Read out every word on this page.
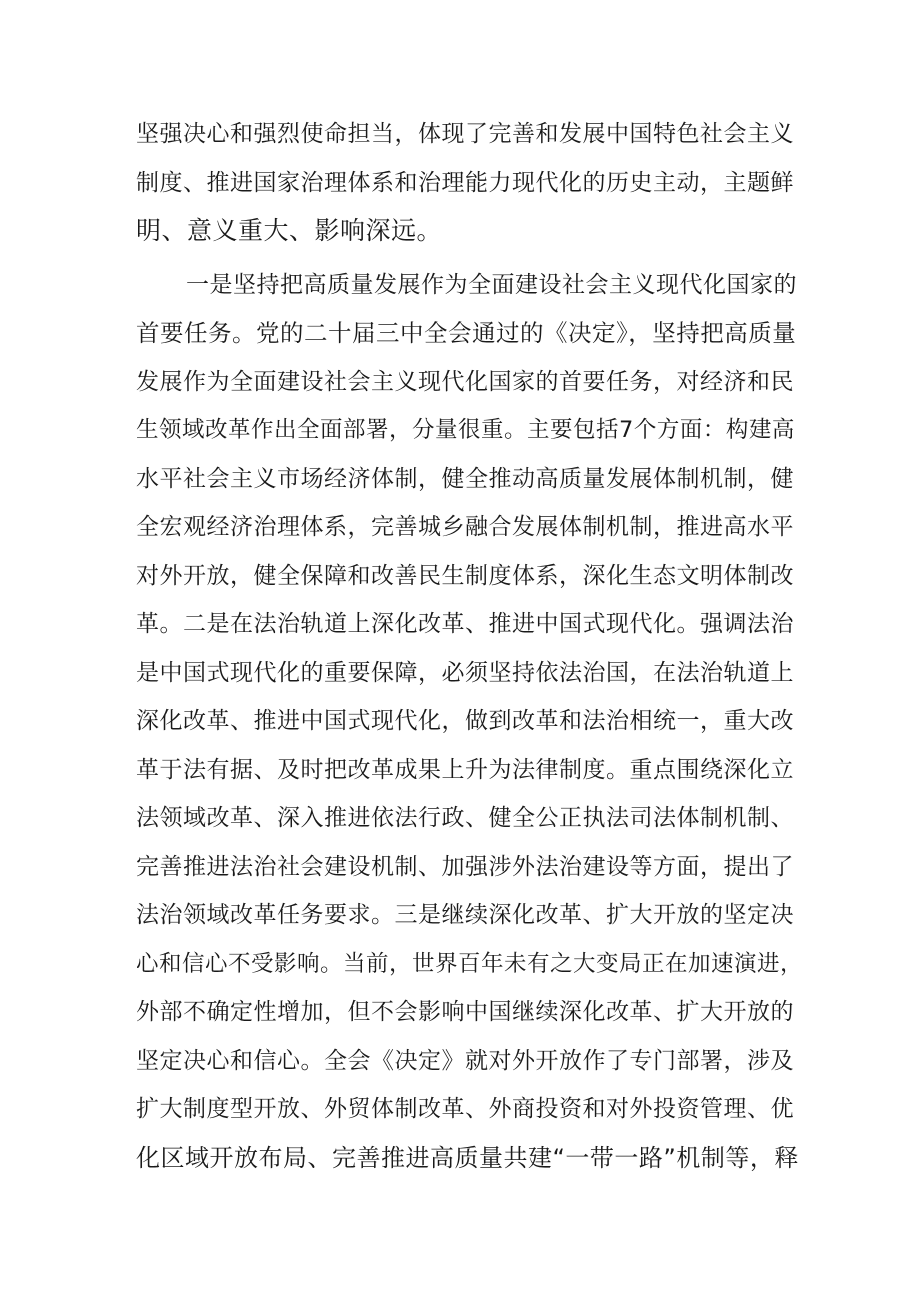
坚强决心和强烈使命担当，体现了完善和发展中国特色社会主义
制度、推进国家治理体系和治理能力现代化的历史主动，主题鲜
明、意义重大、影响深远。
一是坚持把高质量发展作为全面建设社会主义现代化国家的
首要任务。党的二十届三中全会通过的《决定》，坚持把高质量
发展作为全面建设社会主义现代化国家的首要任务，对经济和民
生领域改革作出全面部署，分量很重。主要包括7个方面：构建高
水平社会主义市场经济体制，健全推动高质量发展体制机制，健
全宏观经济治理体系，完善城乡融合发展体制机制，推进高水平
对外开放，健全保障和改善民生制度体系，深化生态文明体制改
革。二是在法治轨道上深化改革、推进中国式现代化。强调法治
是中国式现代化的重要保障，必须坚持依法治国，在法治轨道上
深化改革、推进中国式现代化，做到改革和法治相统一，重大改
革于法有据、及时把改革成果上升为法律制度。重点围绕深化立
法领域改革、深入推进依法行政、健全公正执法司法体制机制、
完善推进法治社会建设机制、加强涉外法治建设等方面，提出了
法治领域改革任务要求。三是继续深化改革、扩大开放的坚定决
心和信心不受影响。当前，世界百年未有之大变局正在加速演进，
外部不确定性增加，但不会影响中国继续深化改革、扩大开放的
坚定决心和信心。全会《决定》就对外开放作了专门部署，涉及
扩大制度型开放、外贸体制改革、外商投资和对外投资管理、优
化区域开放布局、完善推进高质量共建“一带一路”机制等，释
